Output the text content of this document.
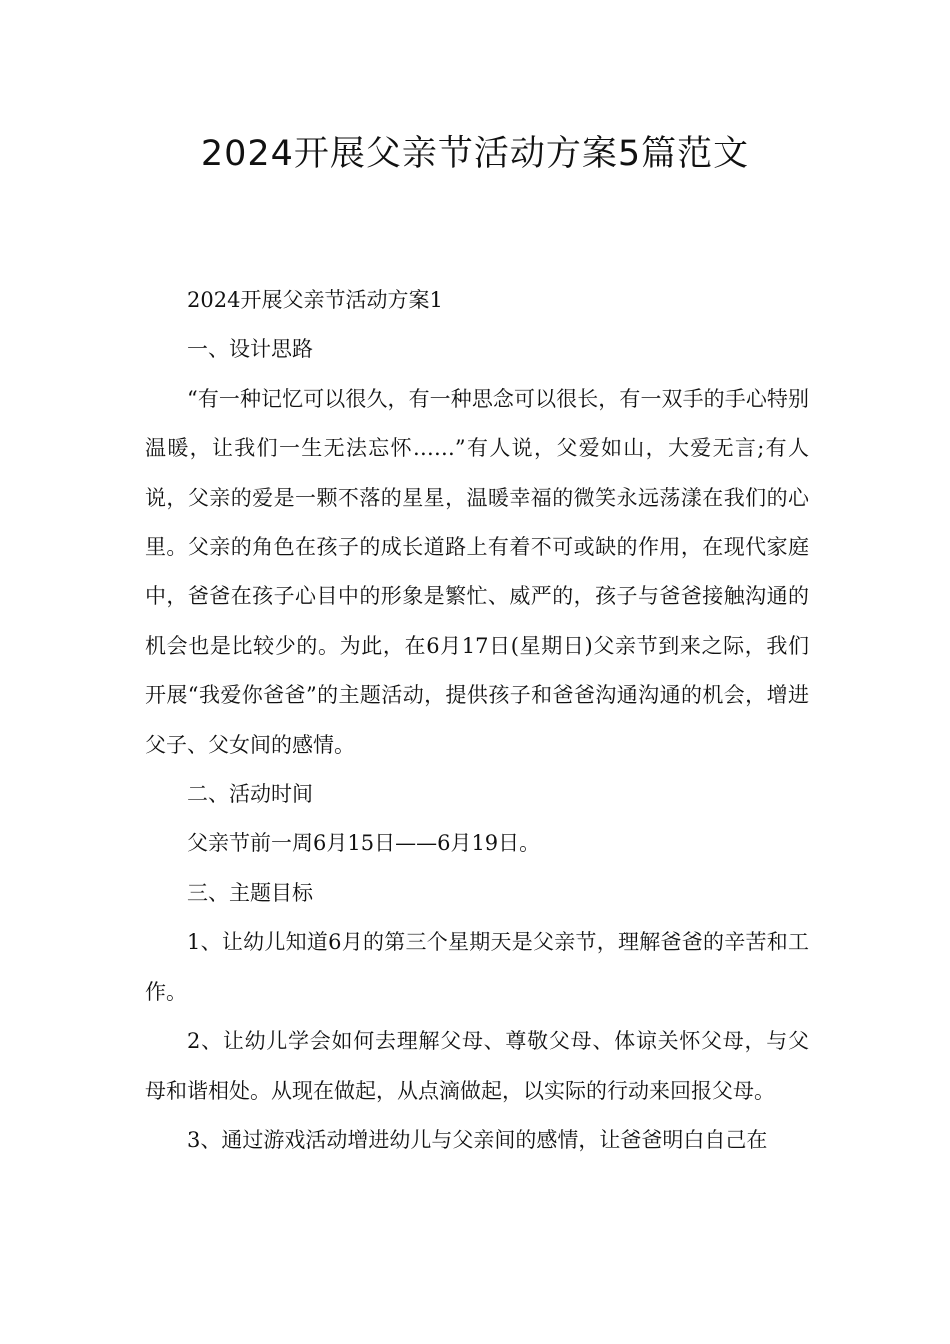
2024开展父亲节活动方案5篇范文

2024开展父亲节活动方案1

一、设计思路

“有一种记忆可以很久，有一种思念可以很长，有一双手的手心特别温暖，让我们一生无法忘怀……”有人说，父爱如山，大爱无言;有人说，父亲的爱是一颗不落的星星，温暖幸福的微笑永远荡漾在我们的心里。父亲的角色在孩子的成长道路上有着不可或缺的作用，在现代家庭中，爸爸在孩子心目中的形象是繁忙、威严的，孩子与爸爸接触沟通的机会也是比较少的。为此，在6月17日(星期日)父亲节到来之际，我们开展“我爱你爸爸”的主题活动，提供孩子和爸爸沟通沟通的机会，增进父子、父女间的感情。

二、活动时间

父亲节前一周6月15日——6月19日。

三、主题目标

1、让幼儿知道6月的第三个星期天是父亲节，理解爸爸的辛苦和工作。

2、让幼儿学会如何去理解父母、尊敬父母、体谅关怀父母，与父母和谐相处。从现在做起，从点滴做起，以实际的行动来回报父母。

3、通过游戏活动增进幼儿与父亲间的感情，让爸爸明白自己在
